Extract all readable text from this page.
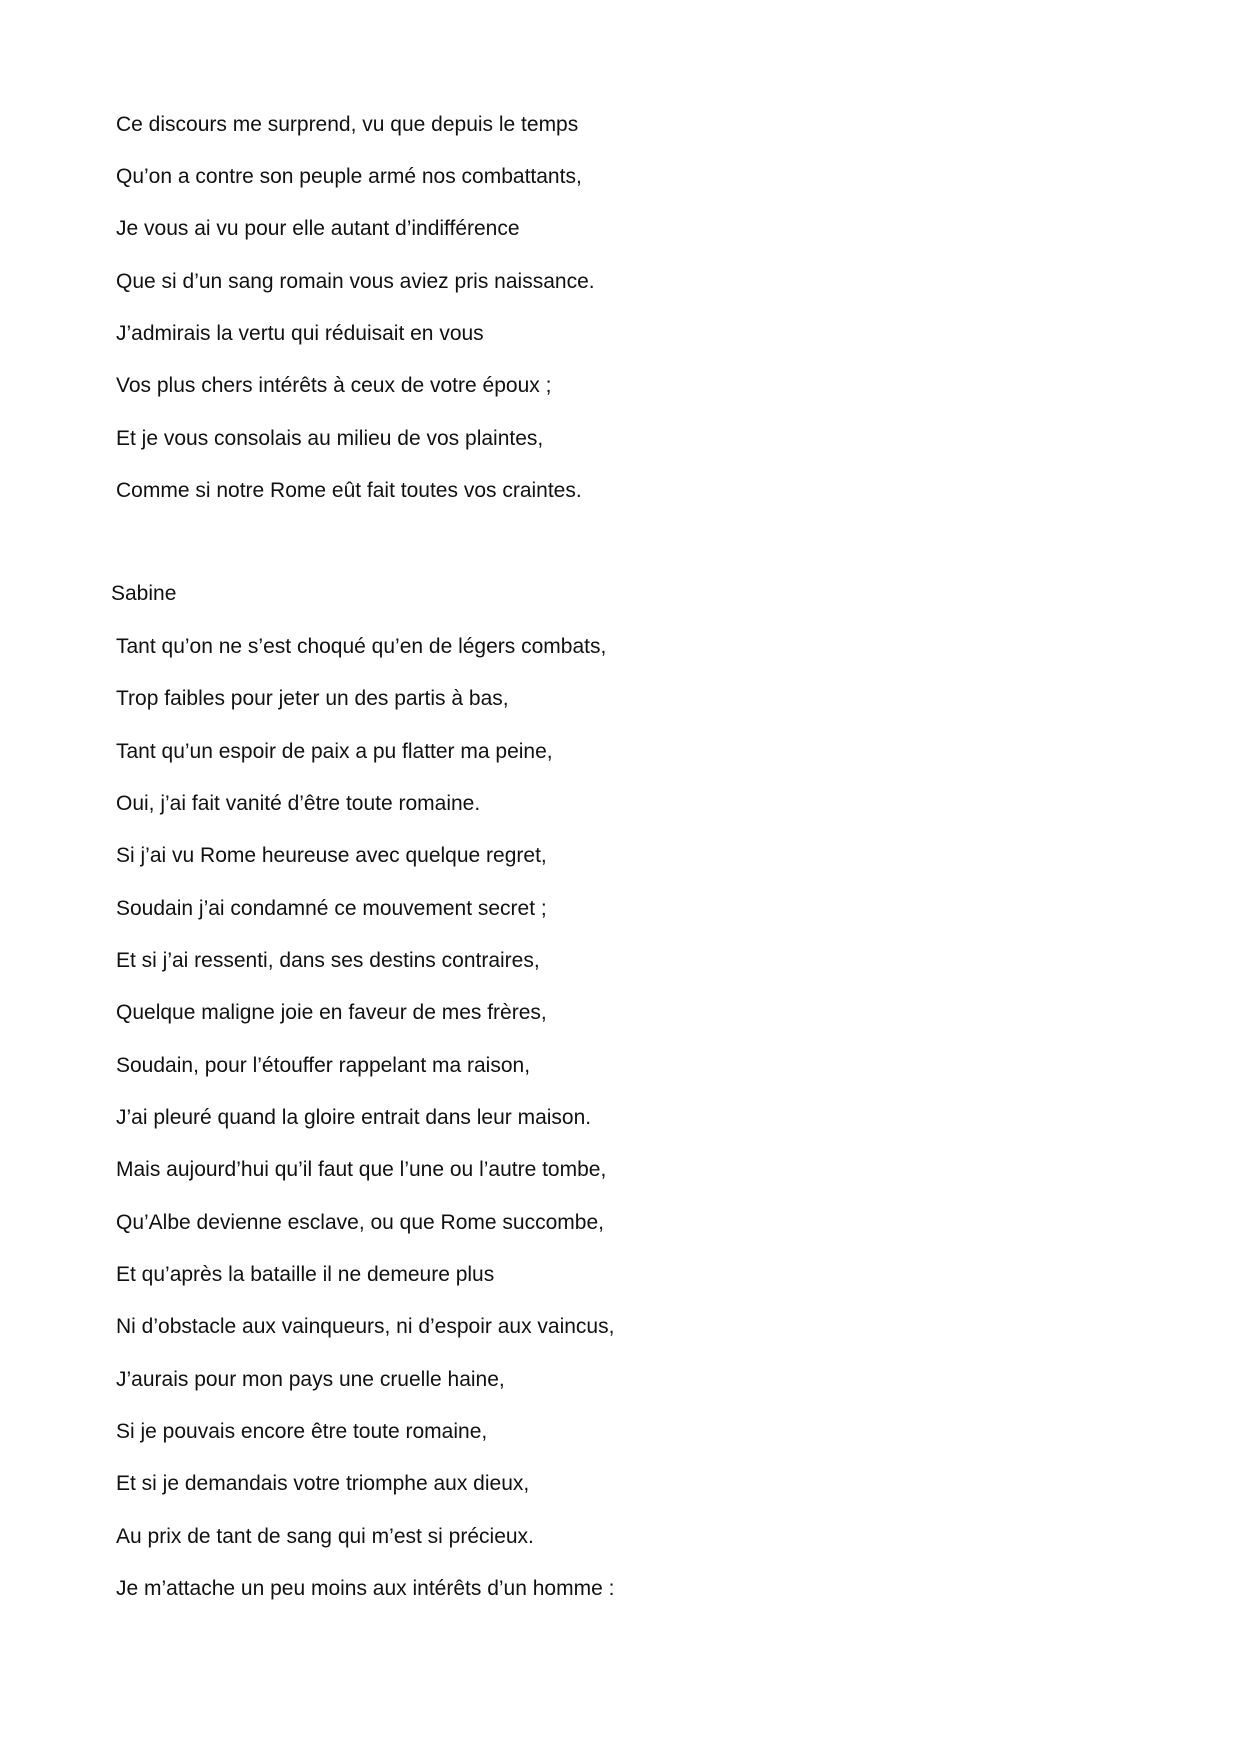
Ce discours me surprend, vu que depuis le temps
Qu’on a contre son peuple armé nos combattants,
Je vous ai vu pour elle autant d’indifférence
Que si d’un sang romain vous aviez pris naissance.
J’admirais la vertu qui réduisait en vous
Vos plus chers intérêts à ceux de votre époux ;
Et je vous consolais au milieu de vos plaintes,
Comme si notre Rome eût fait toutes vos craintes.
Sabine
Tant qu’on ne s’est choqué qu’en de légers combats,
Trop faibles pour jeter un des partis à bas,
Tant qu’un espoir de paix a pu flatter ma peine,
Oui, j’ai fait vanité d’être toute romaine.
Si j’ai vu Rome heureuse avec quelque regret,
Soudain j’ai condamné ce mouvement secret ;
Et si j’ai ressenti, dans ses destins contraires,
Quelque maligne joie en faveur de mes frères,
Soudain, pour l’étouffer rappelant ma raison,
J’ai pleuré quand la gloire entrait dans leur maison.
Mais aujourd’hui qu’il faut que l’une ou l’autre tombe,
Qu’Albe devienne esclave, ou que Rome succombe,
Et qu’après la bataille il ne demeure plus
Ni d’obstacle aux vainqueurs, ni d’espoir aux vaincus,
J’aurais pour mon pays une cruelle haine,
Si je pouvais encore être toute romaine,
Et si je demandais votre triomphe aux dieux,
Au prix de tant de sang qui m’est si précieux.
Je m’attache un peu moins aux intérêts d’un homme :
